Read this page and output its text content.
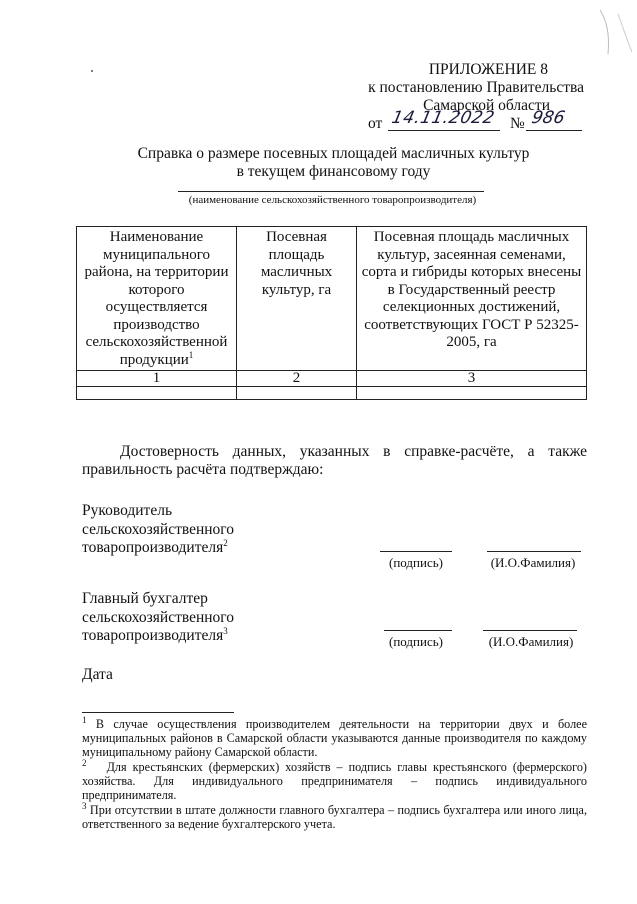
ПРИЛОЖЕНИЕ 8
к постановлению Правительства
Самарской области
от 14.11.2022 № 986
Справка о размере посевных площадей масличных культур
в текущем финансовому году
(наименование сельскохозяйственного товаропроизводителя)
Наименование муниципального района, на территории которого осуществляется производство сельскохозяйственной продукции$^1$	Посевная площадь масличных культур, га	Посевная площадь масличных культур, засеянная семенами, сорта и гибриды которых внесены в Государственный реестр селекционных достижений, соответствующих ГОСТ Р 52325-2005, га
1	2	3

Достоверность данных, указанных в справке-расчёте, а также правильность расчёта подтверждаю:
Руководитель
сельскохозяйственного
товаропроизводителя$^2$
(подпись)	(И.О.Фамилия)
Главный бухгалтер
сельскохозяйственного
товаропроизводителя$^3$
(подпись)	(И.О.Фамилия)
Дата

$^1$ В случае осуществления производителем деятельности на территории двух и более муниципальных районов в Самарской области указываются данные производителя по каждому муниципальному району Самарской области.

$^2$ Для крестьянских (фермерских) хозяйств – подпись главы крестьянского (фермерского) хозяйства. Для индивидуального предпринимателя – подпись индивидуального предпринимателя.

$^3$ При отсутствии в штате должности главного бухгалтера – подпись бухгалтера или иного лица, ответственного за ведение бухгалтерского учета.
